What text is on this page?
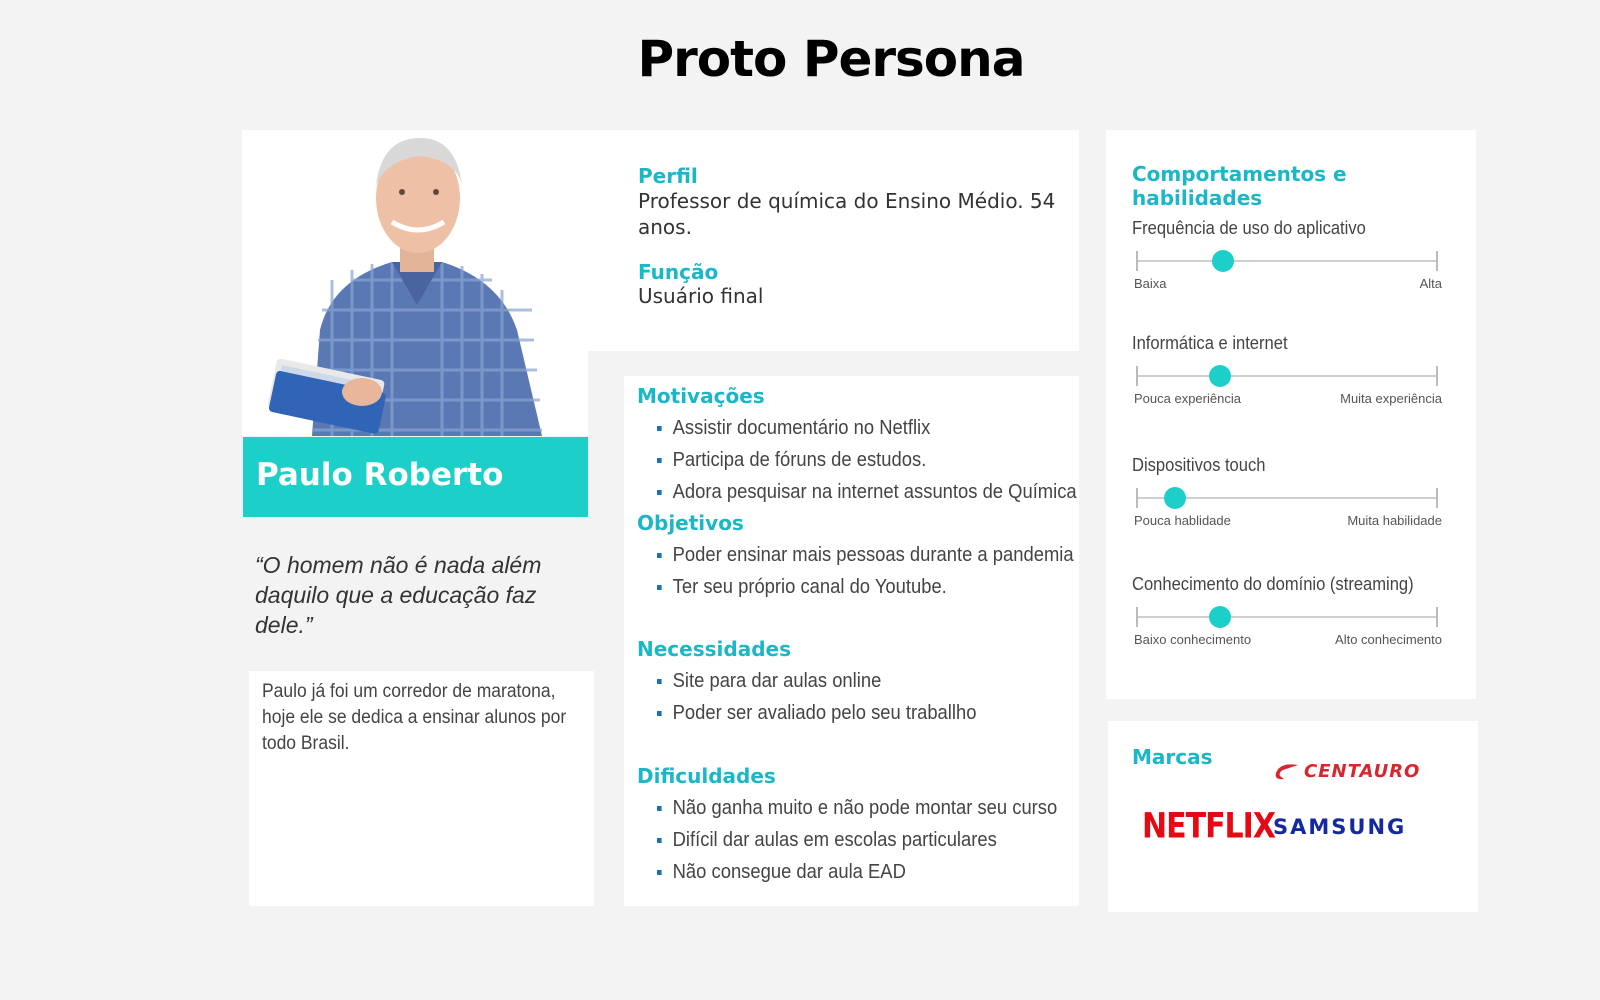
Proto Persona
Paulo Roberto
“O homem não é nada além daquilo que a educação faz dele.”

Paulo já foi um corredor de maratona, hoje ele se dedica a ensinar alunos por todo Brasil.

Perfil
Professor de química do Ensino Médio. 54 anos.
Função
Usuário final
Motivações
Assistir documentário no Netflix
Participa de fóruns de estudos.
Adora pesquisar na internet assuntos de Química
Objetivos
Poder ensinar mais pessoas durante a pandemia
Ter seu próprio canal do Youtube.
Necessidades
Site para dar aulas online
Poder ser avaliado pelo seu traballho
Dificuldades
Não ganha muito e não pode montar seu curso
Difícil dar aulas em escolas particulares
Não consegue dar aula EAD
Comportamentos e habilidades
Frequência de uso do aplicativo
Baixa	Alta
Informática e internet
Pouca experiência	Muita experiência
Dispositivos touch
Pouca hablidade	Muita habilidade
Conhecimento do domínio (streaming)
Baixo conhecimento	Alto conhecimento
Marcas
CENTAURO
NETFLIX
SAMSUNG
